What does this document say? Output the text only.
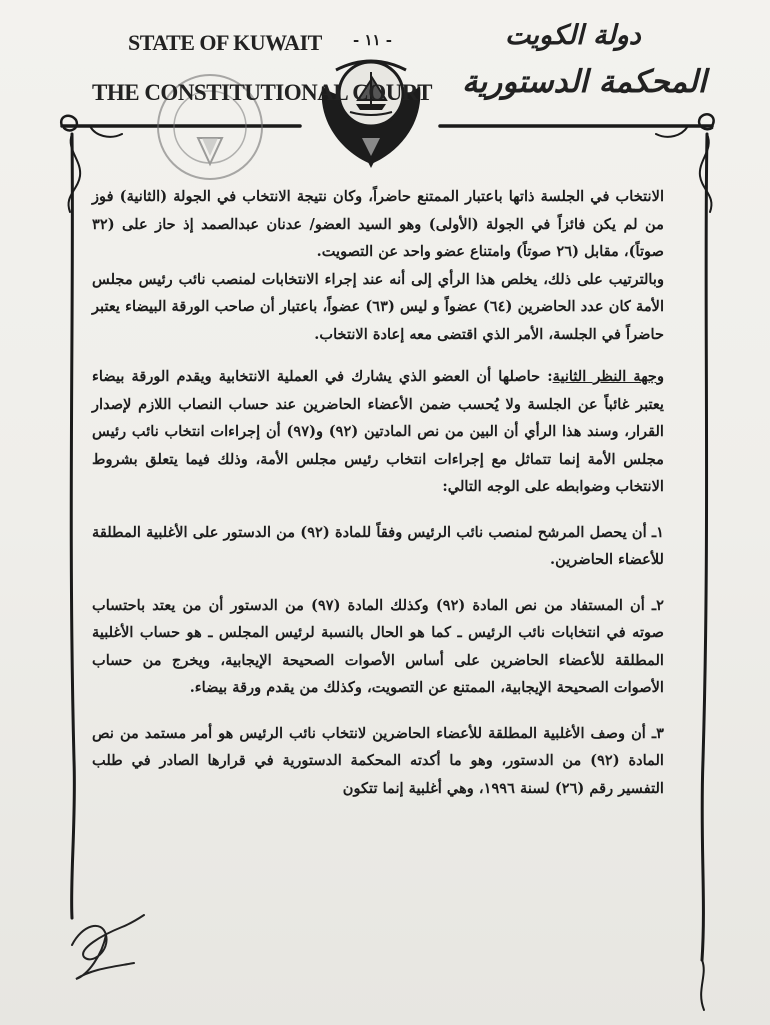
- ١١ -
STATE OF KUWAIT
THE CONSTITUTIONAL COURT
دولة الكويت
المحكمة الدستورية

الانتخاب في الجلسة ذاتها باعتبار الممتنع حاضراً، وكان نتيجة الانتخاب في الجولة (الثانية) فوز من لم يكن فائزاً في الجولة (الأولى) وهو السيد العضو/ عدنان عبدالصمد إذ حاز على (٣٢ صوتاً)، مقابل (٢٦ صوتاً) وامتناع عضو واحد عن التصويت.

وبالترتيب على ذلك، يخلص هذا الرأي إلى أنه عند إجراء الانتخابات لمنصب نائب رئيس مجلس الأمة كان عدد الحاضرين (٦٤) عضواً و ليس (٦٣) عضواً، باعتبار أن صاحب الورقة البيضاء يعتبر حاضراً في الجلسة، الأمر الذي اقتضى معه إعادة الانتخاب.

وجهة النظر الثانية: حاصلها أن العضو الذي يشارك في العملية الانتخابية ويقدم الورقة بيضاء يعتبر غائباً عن الجلسة ولا يُحسب ضمن الأعضاء الحاضرين عند حساب النصاب اللازم لإصدار القرار، وسند هذا الرأي أن البين من نص المادتين (٩٢) و(٩٧) أن إجراءات انتخاب نائب رئيس مجلس الأمة إنما تتماثل مع إجراءات انتخاب رئيس مجلس الأمة، وذلك فيما يتعلق بشروط الانتخاب وضوابطه على الوجه التالي:

١ـ أن يحصل المرشح لمنصب نائب الرئيس وفقاً للمادة (٩٢) من الدستور على الأغلبية المطلقة للأعضاء الحاضرين.

٢ـ أن المستفاد من نص المادة (٩٢) وكذلك المادة (٩٧) من الدستور أن من يعتد باحتساب صوته في انتخابات نائب الرئيس ـ كما هو الحال بالنسبة لرئيس المجلس ـ هو حساب الأغلبية المطلقة للأعضاء الحاضرين على أساس الأصوات الصحيحة الإيجابية، ويخرج من حساب الأصوات الصحيحة الإيجابية، الممتنع عن التصويت، وكذلك من يقدم ورقة بيضاء.

٣ـ أن وصف الأغلبية المطلقة للأعضاء الحاضرين لانتخاب نائب الرئيس هو أمر مستمد من نص المادة (٩٢) من الدستور، وهو ما أكدته المحكمة الدستورية في قرارها الصادر في طلب التفسير رقم (٢٦) لسنة ١٩٩٦، وهي أغلبية إنما تتكون
